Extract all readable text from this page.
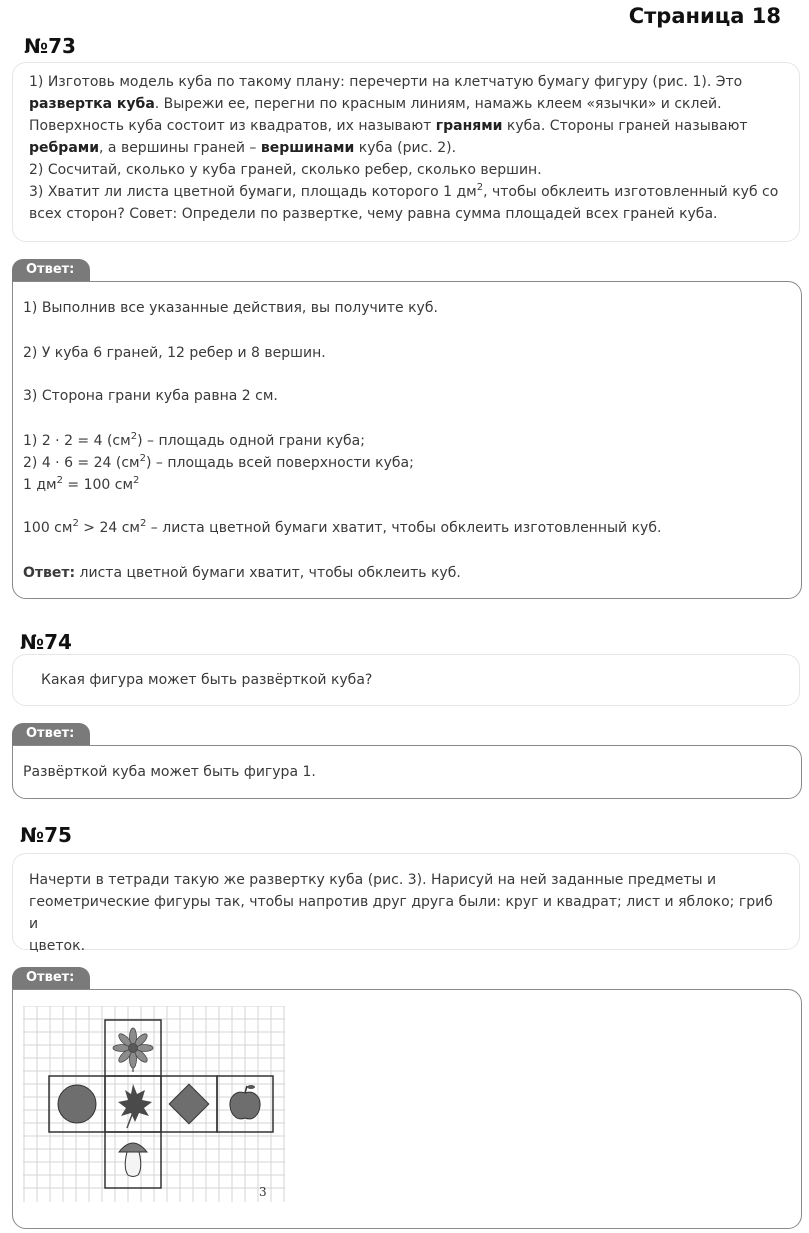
Страница 18
№73
1) Изготовь модель куба по такому плану: перечерти на клетчатую бумагу фигуру (рис. 1). Это
развертка куба. Вырежи ее, перегни по красным линиям, намажь клеем «язычки» и склей.
Поверхность куба состоит из квадратов, их называют гранями куба. Стороны граней называют
ребрами, а вершины граней – вершинами куба (рис. 2).
2) Сосчитай, сколько у куба граней, сколько ребер, сколько вершин.
3) Хватит ли листа цветной бумаги, площадь которого 1 $дм^2$, чтобы обклеить изготовленный куб со
всех сторон? Совет: Определи по развертке, чему равна сумма площадей всех граней куба.
Ответ:

1) Выполнив все указанные действия, вы получите куб.

2) У куба 6 граней, 12 ребер и 8 вершин.

3) Сторона грани куба равна 2 см.

1) 2 · 2 = 4 $(см^2)$ – площадь одной грани куба;

2) 4 · 6 = 24 $(см^2)$ – площадь всей поверхности куба;

1 $дм^2 = 100$ $см^2$

100 $см^2 > 24$ $см^2$ – листа цветной бумаги хватит, чтобы обклеить изготовленный куб.

Ответ: листа цветной бумаги хватит, чтобы обклеить куб.

№74
Какая фигура может быть развёрткой куба?
Ответ:

Развёрткой куба может быть фигура 1.

№75
Начерти в тетради такую же развертку куба (рис. 3). Нарисуй на ней заданные предметы и
геометрические фигуры так, чтобы напротив друг друга были: круг и квадрат; лист и яблоко; гриб и
цветок.
Ответ:
3
